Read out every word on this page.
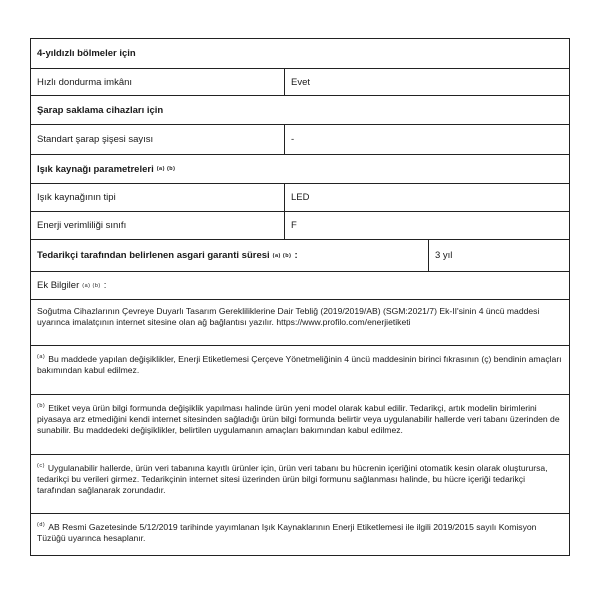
4-yıldızlı bölmeler için
Hızlı dondurma imkânı	Evet
Şarap saklama cihazları için
Standart şarap şişesi sayısı	-
Işık kaynağı parametreleri (a) (b)
Işık kaynağının tipi	LED
Enerji verimliliği sınıfı	F
Tedarikçi tarafından belirlenen asgari garanti süresi (a) (b) :	3 yıl
Ek Bilgiler (a) (b) :
Soğutma Cihazlarının Çevreye Duyarlı Tasarım Gerekliliklerine Dair Tebliğ (2019/2019/AB) (SGM:2021/7) Ek-II'sinin 4 üncü maddesi uyarınca imalatçının internet sitesine olan ağ bağlantısı yazılır. https://www.profilo.com/enerjietiketi
$^{(a)}$ Bu maddede yapılan değişiklikler, Enerji Etiketlemesi Çerçeve Yönetmeliğinin 4 üncü maddesinin birinci fıkrasının (ç) bendinin amaçları bakımından kabul edilmez.
$^{(b)}$ Etiket veya ürün bilgi formunda değişiklik yapılması halinde ürün yeni model olarak kabul edilir. Tedarikçi, artık modelin birimlerini piyasaya arz etmediğini kendi internet sitesinden sağladığı ürün bilgi formunda belirtir veya uygulanabilir hallerde veri tabanı üzerinden de sunabilir. Bu maddedeki değişiklikler, belirtilen uygulamanın amaçları bakımından kabul edilmez.
$^{(c)}$ Uygulanabilir hallerde, ürün veri tabanına kayıtlı ürünler için, ürün veri tabanı bu hücrenin içeriğini otomatik kesin olarak oluşturursa, tedarikçi bu verileri girmez. Tedarikçinin internet sitesi üzerinden ürün bilgi formunu sağlanması halinde, bu hücre içeriği tedarikçi tarafından sağlanarak zorundadır.
$^{(d)}$ AB Resmi Gazetesinde 5/12/2019 tarihinde yayımlanan Işık Kaynaklarının Enerji Etiketlemesi ile ilgili 2019/2015 sayılı Komisyon Tüzüğü uyarınca hesaplanır.
